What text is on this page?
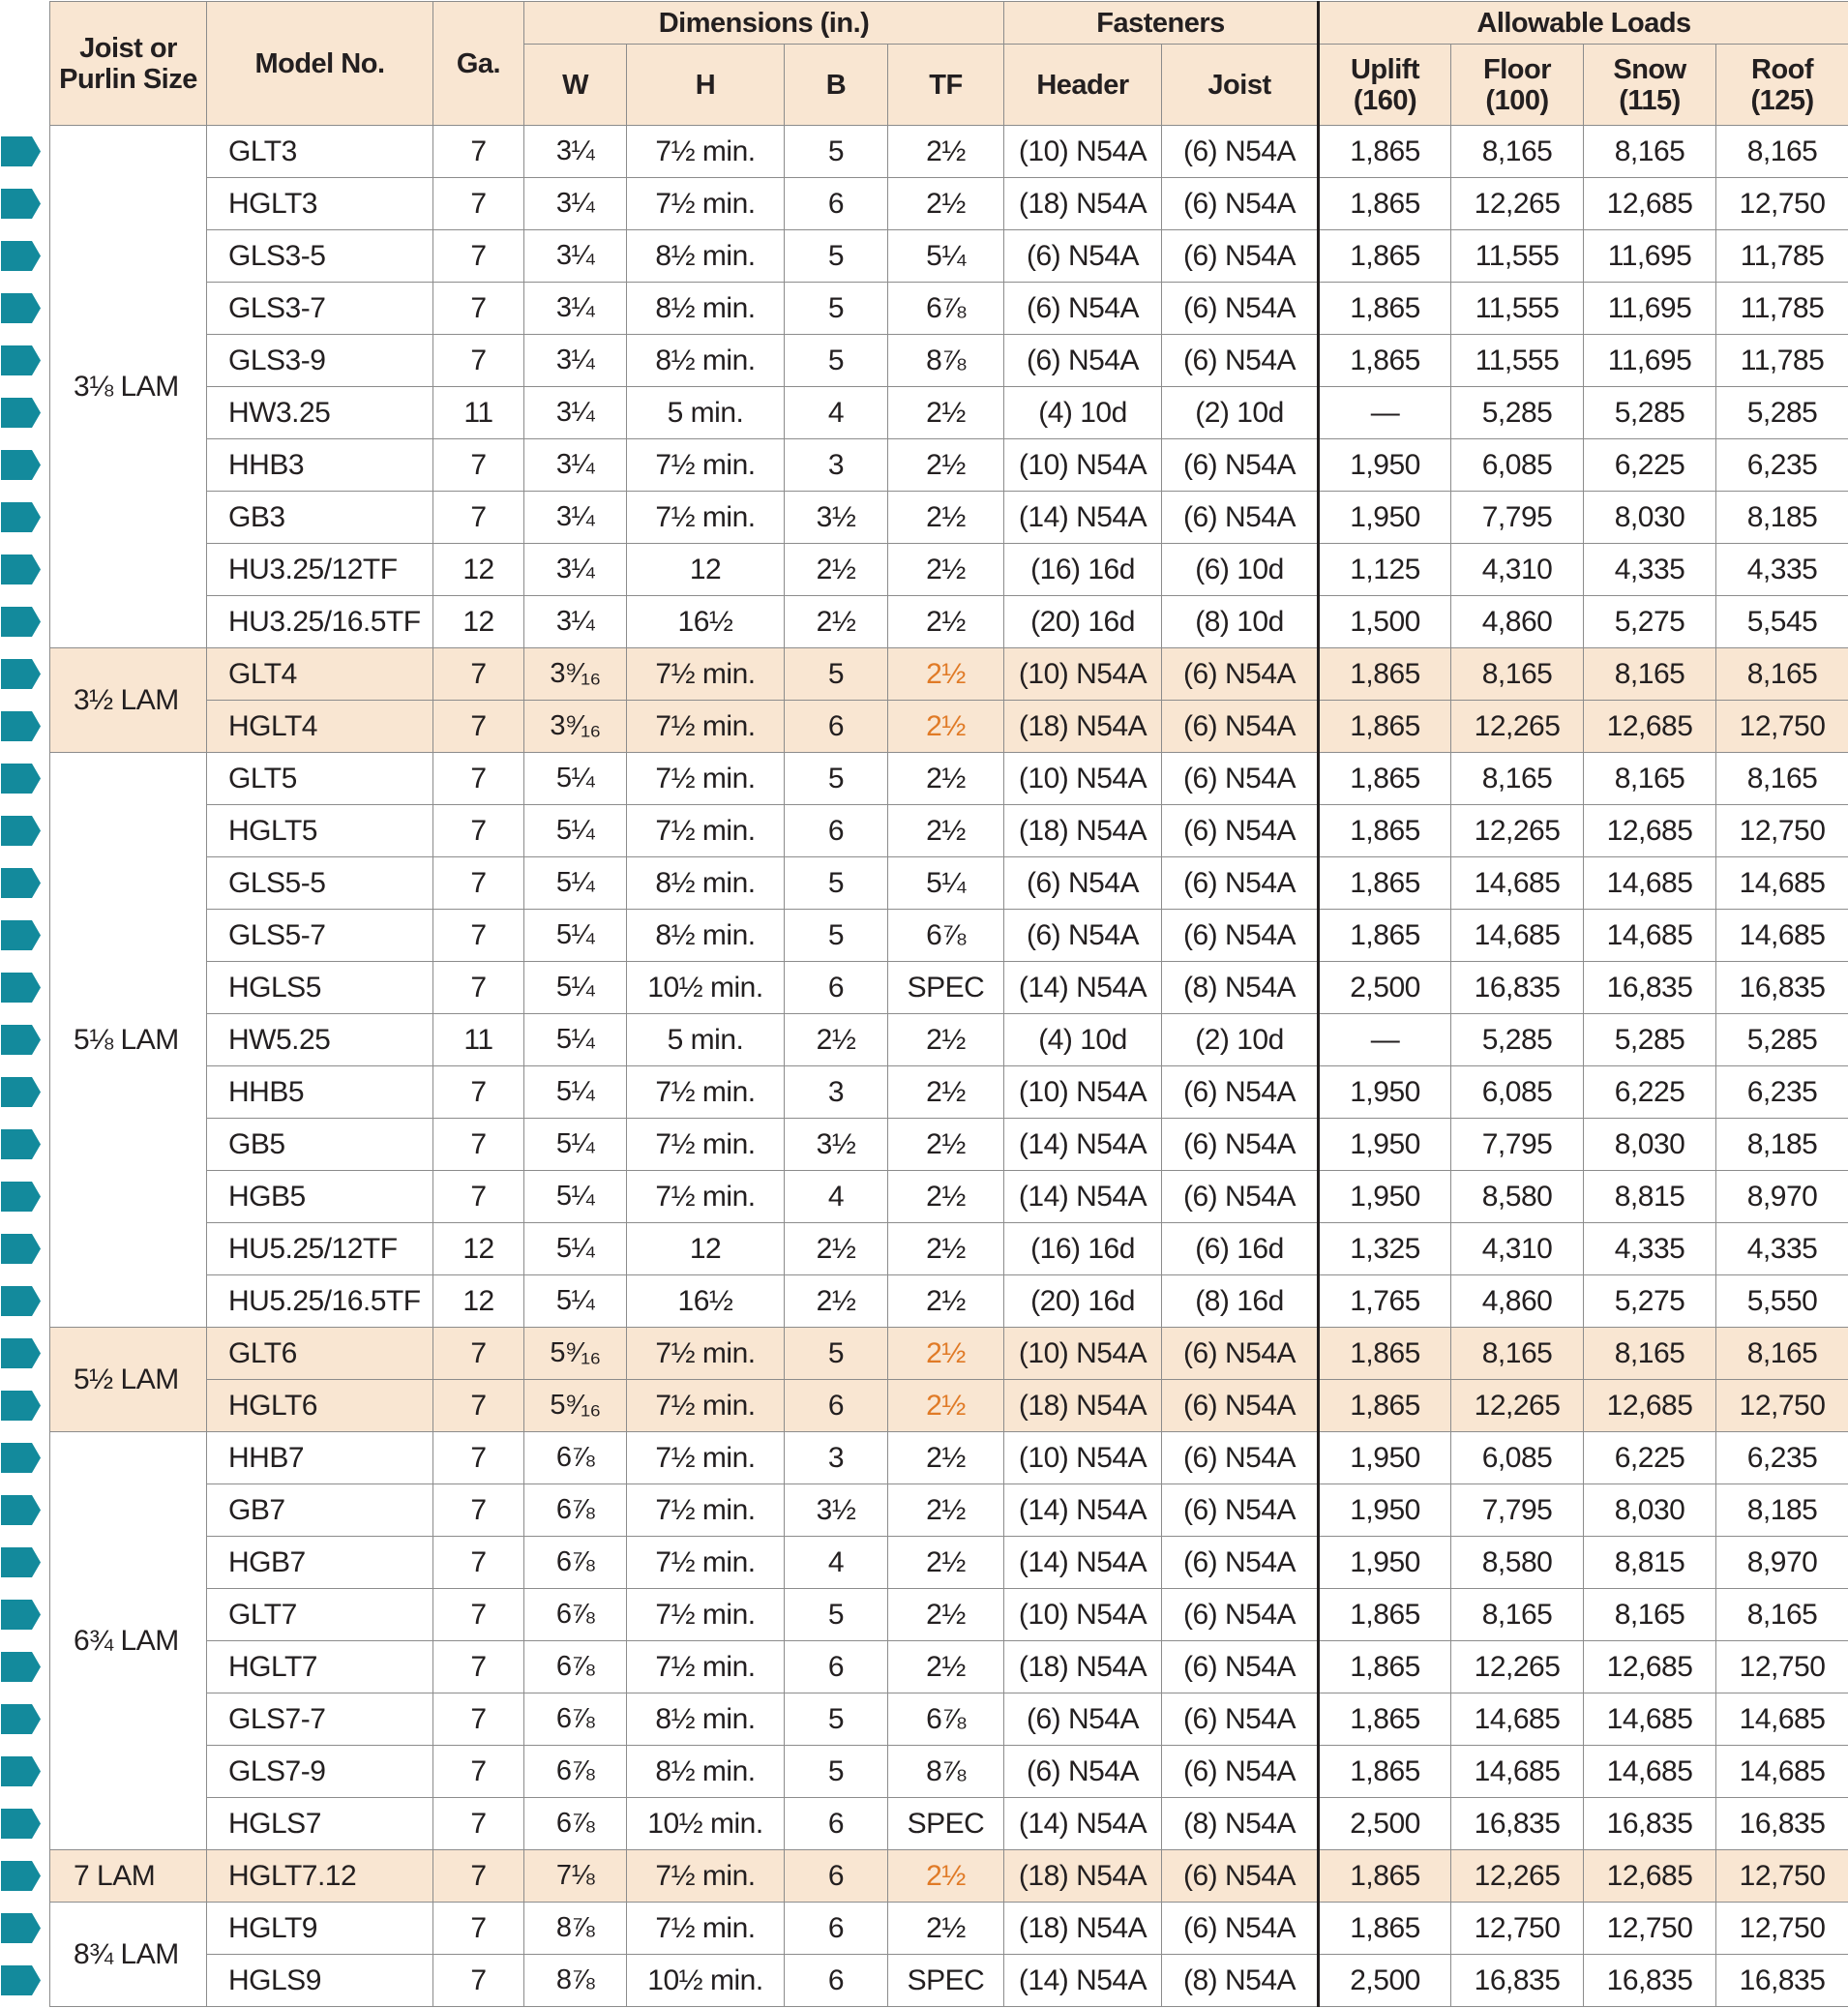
Joist or Purlin Size	Model No.	Ga.	Dimensions (in.)				Fasteners		Allowable Loads			
			W	H	B	TF	Header	Joist	Uplift (160)	Floor (100)	Snow (115)	Roof (125)
3⅛ LAM	GLT3	7	3¼	7½ min.	5	2½	(10) N54A	(6) N54A	1,865	8,165	8,165	8,165
	HGLT3	7	3¼	7½ min.	6	2½	(18) N54A	(6) N54A	1,865	12,265	12,685	12,750
	GLS3-5	7	3¼	8½ min.	5	5¼	(6) N54A	(6) N54A	1,865	11,555	11,695	11,785
	GLS3-7	7	3¼	8½ min.	5	6⅞	(6) N54A	(6) N54A	1,865	11,555	11,695	11,785
	GLS3-9	7	3¼	8½ min.	5	8⅞	(6) N54A	(6) N54A	1,865	11,555	11,695	11,785
	HW3.25	11	3¼	5 min.	4	2½	(4) 10d	(2) 10d	—	5,285	5,285	5,285
	HHB3	7	3¼	7½ min.	3	2½	(10) N54A	(6) N54A	1,950	6,085	6,225	6,235
	GB3	7	3¼	7½ min.	3½	2½	(14) N54A	(6) N54A	1,950	7,795	8,030	8,185
	HU3.25/12TF	12	3¼	12	2½	2½	(16) 16d	(6) 10d	1,125	4,310	4,335	4,335
	HU3.25/16.5TF	12	3¼	16½	2½	2½	(20) 16d	(8) 10d	1,500	4,860	5,275	5,545
3½ LAM	GLT4	7	3⁹⁄₁₆	7½ min.	5	2½	(10) N54A	(6) N54A	1,865	8,165	8,165	8,165
	HGLT4	7	3⁹⁄₁₆	7½ min.	6	2½	(18) N54A	(6) N54A	1,865	12,265	12,685	12,750
5⅛ LAM	GLT5	7	5¼	7½ min.	5	2½	(10) N54A	(6) N54A	1,865	8,165	8,165	8,165
	HGLT5	7	5¼	7½ min.	6	2½	(18) N54A	(6) N54A	1,865	12,265	12,685	12,750
	GLS5-5	7	5¼	8½ min.	5	5¼	(6) N54A	(6) N54A	1,865	14,685	14,685	14,685
	GLS5-7	7	5¼	8½ min.	5	6⅞	(6) N54A	(6) N54A	1,865	14,685	14,685	14,685
	HGLS5	7	5¼	10½ min.	6	SPEC	(14) N54A	(8) N54A	2,500	16,835	16,835	16,835
	HW5.25	11	5¼	5 min.	2½	2½	(4) 10d	(2) 10d	—	5,285	5,285	5,285
	HHB5	7	5¼	7½ min.	3	2½	(10) N54A	(6) N54A	1,950	6,085	6,225	6,235
	GB5	7	5¼	7½ min.	3½	2½	(14) N54A	(6) N54A	1,950	7,795	8,030	8,185
	HGB5	7	5¼	7½ min.	4	2½	(14) N54A	(6) N54A	1,950	8,580	8,815	8,970
	HU5.25/12TF	12	5¼	12	2½	2½	(16) 16d	(6) 16d	1,325	4,310	4,335	4,335
	HU5.25/16.5TF	12	5¼	16½	2½	2½	(20) 16d	(8) 16d	1,765	4,860	5,275	5,550
5½ LAM	GLT6	7	5⁹⁄₁₆	7½ min.	5	2½	(10) N54A	(6) N54A	1,865	8,165	8,165	8,165
	HGLT6	7	5⁹⁄₁₆	7½ min.	6	2½	(18) N54A	(6) N54A	1,865	12,265	12,685	12,750
6¾ LAM	HHB7	7	6⅞	7½ min.	3	2½	(10) N54A	(6) N54A	1,950	6,085	6,225	6,235
	GB7	7	6⅞	7½ min.	3½	2½	(14) N54A	(6) N54A	1,950	7,795	8,030	8,185
	HGB7	7	6⅞	7½ min.	4	2½	(14) N54A	(6) N54A	1,950	8,580	8,815	8,970
	GLT7	7	6⅞	7½ min.	5	2½	(10) N54A	(6) N54A	1,865	8,165	8,165	8,165
	HGLT7	7	6⅞	7½ min.	6	2½	(18) N54A	(6) N54A	1,865	12,265	12,685	12,750
	GLS7-7	7	6⅞	8½ min.	5	6⅞	(6) N54A	(6) N54A	1,865	14,685	14,685	14,685
	GLS7-9	7	6⅞	8½ min.	5	8⅞	(6) N54A	(6) N54A	1,865	14,685	14,685	14,685
	HGLS7	7	6⅞	10½ min.	6	SPEC	(14) N54A	(8) N54A	2,500	16,835	16,835	16,835
7 LAM	HGLT7.12	7	7⅛	7½ min.	6	2½	(18) N54A	(6) N54A	1,865	12,265	12,685	12,750
8¾ LAM	HGLT9	7	8⅞	7½ min.	6	2½	(18) N54A	(6) N54A	1,865	12,750	12,750	12,750
	HGLS9	7	8⅞	10½ min.	6	SPEC	(14) N54A	(8) N54A	2,500	16,835	16,835	16,835
